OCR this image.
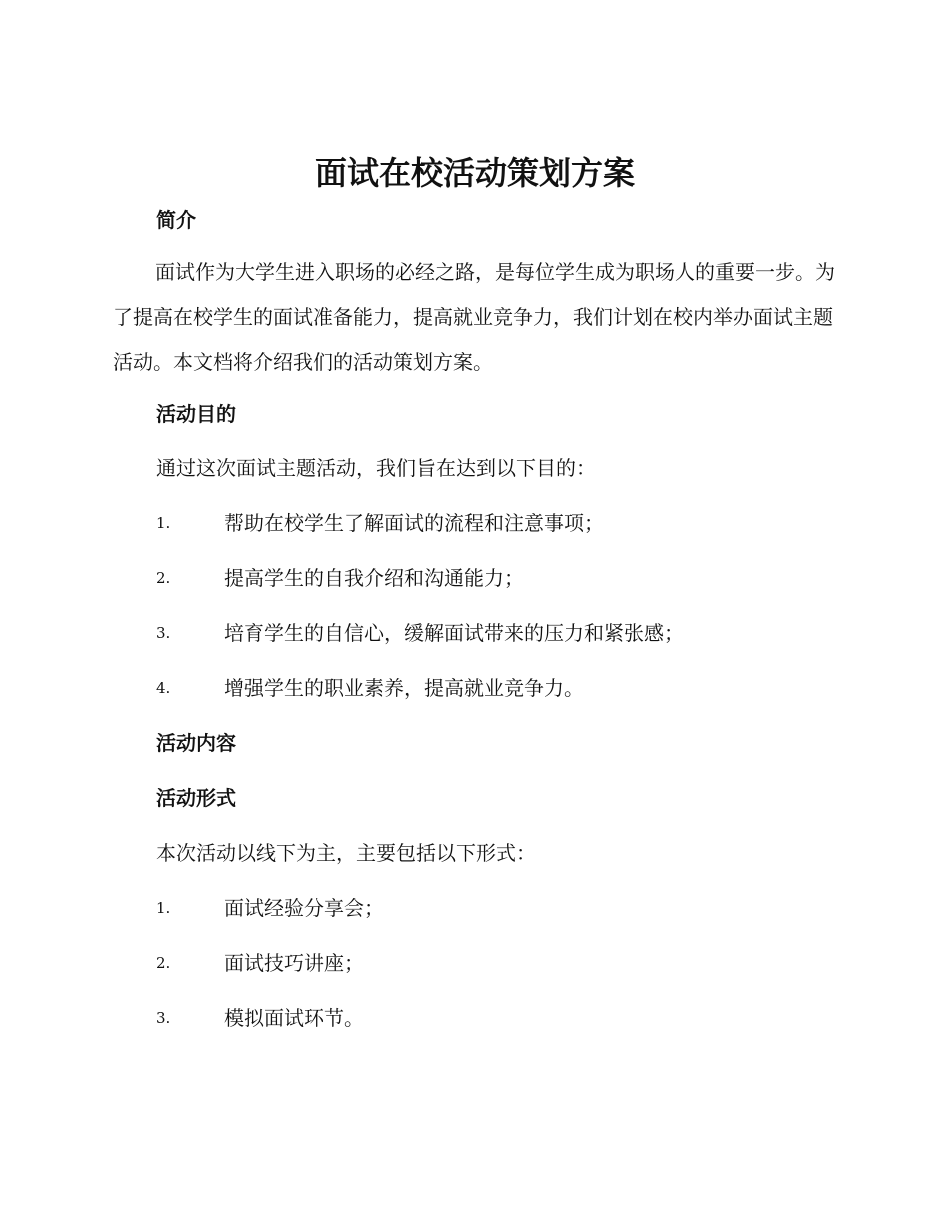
面试在校活动策划方案
简介

面试作为大学生进入职场的必经之路，是每位学生成为职场人的重要一步。为了提高在校学生的面试准备能力，提高就业竞争力，我们计划在校内举办面试主题活动。本文档将介绍我们的活动策划方案。

活动目的

通过这次面试主题活动，我们旨在达到以下目的：

1.	帮助在校学生了解面试的流程和注意事项；
2.	提高学生的自我介绍和沟通能力；
3.	培育学生的自信心，缓解面试带来的压力和紧张感；
4.	增强学生的职业素养，提高就业竞争力。
活动内容
活动形式

本次活动以线下为主，主要包括以下形式：

1.	面试经验分享会；
2.	面试技巧讲座；
3.	模拟面试环节。
